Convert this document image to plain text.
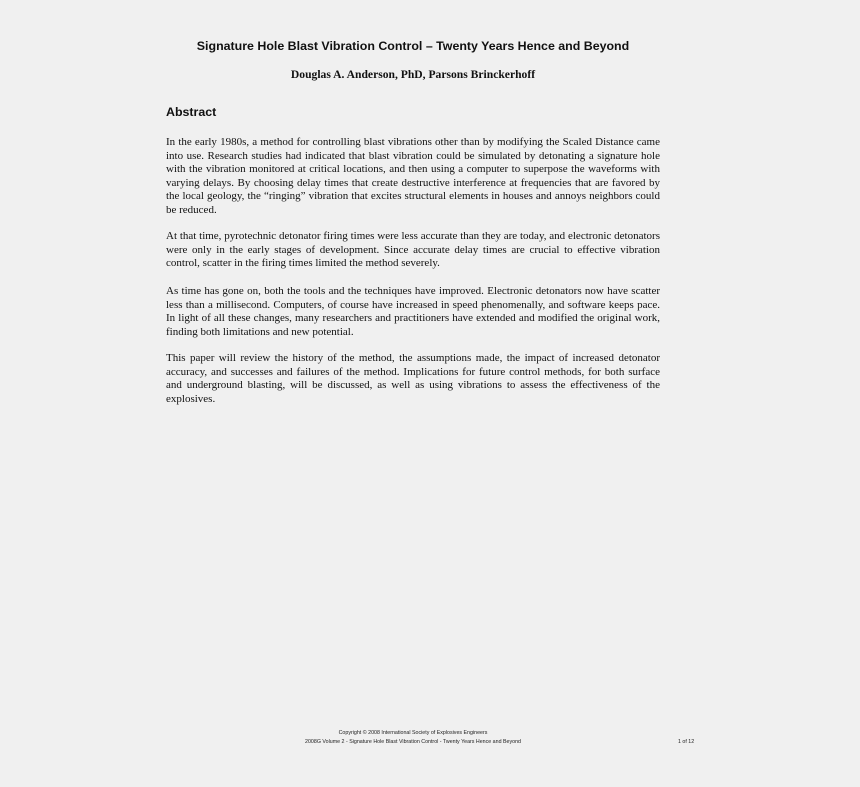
Signature Hole Blast Vibration Control – Twenty Years Hence and Beyond
Douglas A. Anderson, PhD, Parsons Brinckerhoff
Abstract

In the early 1980s, a method for controlling blast vibrations other than by modifying the Scaled Distance came into use. Research studies had indicated that blast vibration could be simulated by detonating a signature hole with the vibration monitored at critical locations, and then using a computer to superpose the waveforms with varying delays. By choosing delay times that create destructive interference at frequencies that are favored by the local geology, the “ringing” vibration that excites structural elements in houses and annoys neighbors could be reduced.

At that time, pyrotechnic detonator firing times were less accurate than they are today, and electronic detonators were only in the early stages of development. Since accurate delay times are crucial to effective vibration control, scatter in the firing times limited the method severely.

As time has gone on, both the tools and the techniques have improved. Electronic detonators now have scatter less than a millisecond. Computers, of course have increased in speed phenomenally, and software keeps pace. In light of all these changes, many researchers and practitioners have extended and modified the original work, finding both limitations and new potential.

This paper will review the history of the method, the assumptions made, the impact of increased detonator accuracy, and successes and failures of the method. Implications for future control methods, for both surface and underground blasting, will be discussed, as well as using vibrations to assess the effectiveness of the explosives.

Copyright © 2008 International Society of Explosives Engineers
2008G Volume 2 - Signature Hole Blast Vibration Control - Twenty Years Hence and Beyond	1 of 12
